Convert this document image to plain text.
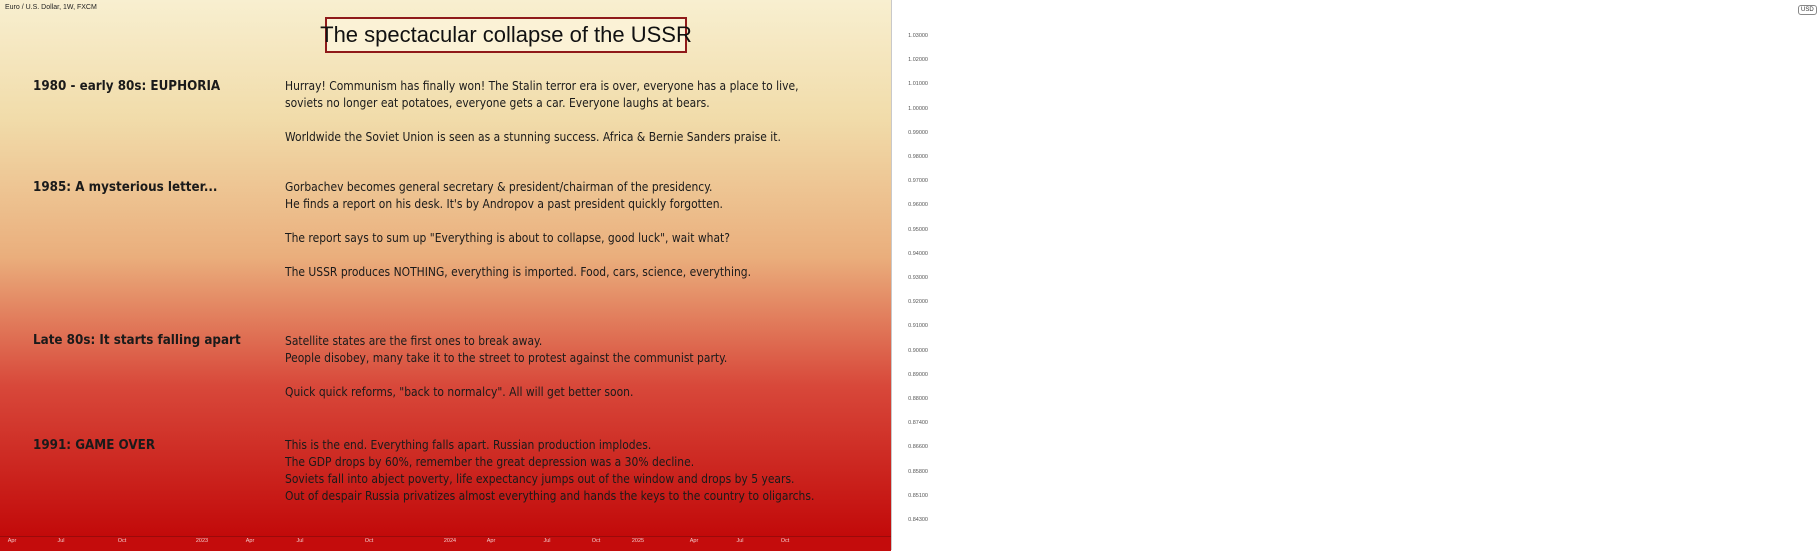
Euro / U.S. Dollar, 1W, FXCM
The spectacular collapse of the USSR
1980 - early 80s: EUPHORIA	Hurray! Communism has finally won! The Stalin terror era is over, everyone has a place to live,
soviets no longer eat potatoes, everyone gets a car. Everyone laughs at bears.
Worldwide the Soviet Union is seen as a stunning success. Africa & Bernie Sanders praise it.
1985: A mysterious letter...	Gorbachev becomes general secretary & president/chairman of the presidency.
He finds a report on his desk. It's by Andropov a past president quickly forgotten.
The report says to sum up "Everything is about to collapse, good luck", wait what?
The USSR produces NOTHING, everything is imported. Food, cars, science, everything.
Late 80s: It starts falling apart	Satellite states are the first ones to break away.
People disobey, many take it to the street to protest against the communist party.
Quick quick reforms, "back to normalcy". All will get better soon.
1991: GAME OVER	This is the end. Everything falls apart. Russian production implodes.
The GDP drops by 60%, remember the great depression was a 30% decline.
Soviets fall into abject poverty, life expectancy jumps out of the window and drops by 5 years.
Out of despair Russia privatizes almost everything and hands the keys to the country to oligarchs.
USD
1.03000
1.02000
1.01000
1.00000
0.99000
0.98000
0.97000
0.96000
0.95000
0.94000
0.93000
0.92000
0.91000
0.90000
0.89000
0.88000
0.87400
0.86600
0.85800
0.85100
0.84300
Apr	Jul	Oct	2023	Apr	Jul	Oct	2024	Apr	Jul	Oct	2025	Apr	Jul	Oct
